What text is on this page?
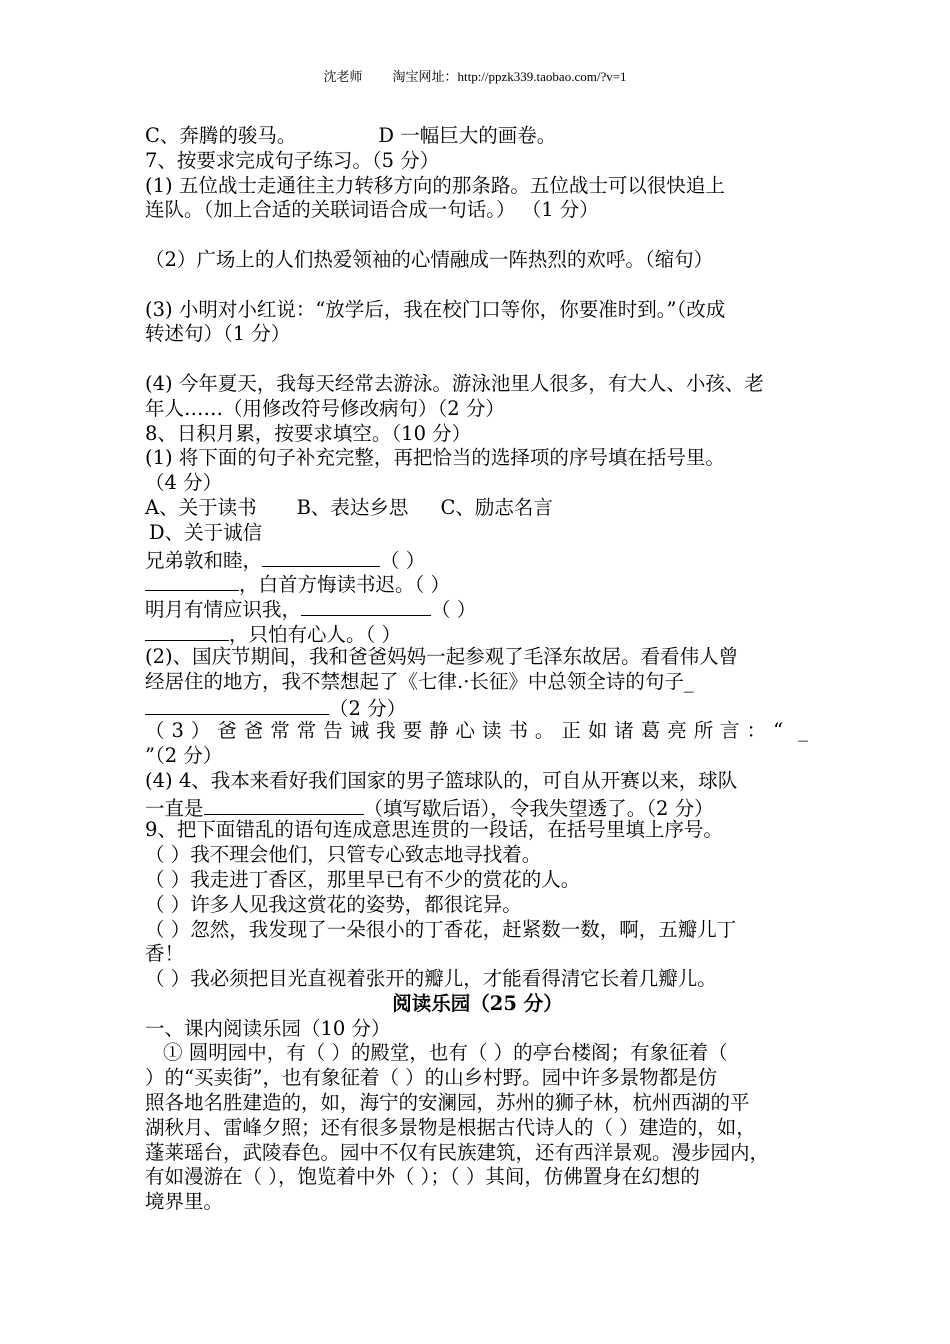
沈老师 淘宝网址：http://ppzk339.taobao.com/?v=1
C、奔腾的骏马。	D 一幅巨大的画卷。
7、按要求完成句子练习。（5 分）
(1) 五位战士走通往主力转移方向的那条路。五位战士可以很快追上
连队。（加上合适的关联词语合成一句话。） （1 分）
（2）广场上的人们热爱领袖的心情融成一阵热烈的欢呼。（缩句）
(3) 小明对小红说：“放学后，我在校门口等你，你要准时到。”（改成
转述句）（1 分）
(4) 今年夏天，我每天经常去游泳。游泳池里人很多，有大人、小孩、老
年人……（用修改符号修改病句）（2 分）
8、日积月累，按要求填空。（10 分）
(1) 将下面的句子补充完整，再把恰当的选择项的序号填在括号里。
（4 分）
A、关于读书 B、表达乡思 C、励志名言
D、关于诚信
兄弟敦和睦，	（ ）
，白首方悔读书迟。（ ）
明月有情应识我，	（ ）
，只怕有心人。（ ）
(2)、国庆节期间，我和爸爸妈妈一起参观了毛泽东故居。看看伟人曾
经居住的地方，我不禁想起了《七律.·长征》中总领全诗的句子_
（2 分）
（3）爸爸常常告诫我要静心读书。正如诸葛亮所言：“ _
”（2 分）
(4) 4、我本来看好我们国家的男子篮球队的，可自从开赛以来，球队
一直是	（填写歇后语），令我失望透了。（2 分）
9、把下面错乱的语句连成意思连贯的一段话，在括号里填上序号。
（ ）我不理会他们，只管专心致志地寻找着。
（ ）我走进丁香区，那里早已有不少的赏花的人。
（ ）许多人见我这赏花的姿势，都很诧异。
（ ）忽然，我发现了一朵很小的丁香花，赶紧数一数，啊，五瓣儿丁
香！
（ ）我必须把目光直视着张开的瓣儿，才能看得清它长着几瓣儿。
阅读乐园（25 分）
一、课内阅读乐园（10 分）
① 圆明园中，有（ ）的殿堂，也有（ ）的亭台楼阁；有象征着（
）的“买卖街”，也有象征着（ ）的山乡村野。园中许多景物都是仿
照各地名胜建造的，如，海宁的安澜园，苏州的狮子林，杭州西湖的平
湖秋月、雷峰夕照；还有很多景物是根据古代诗人的（ ）建造的，如，
蓬莱瑶台，武陵春色。园中不仅有民族建筑，还有西洋景观。漫步园内，
有如漫游在（ ），饱览着中外（ ）；（ ）其间，仿佛置身在幻想的
境界里。
